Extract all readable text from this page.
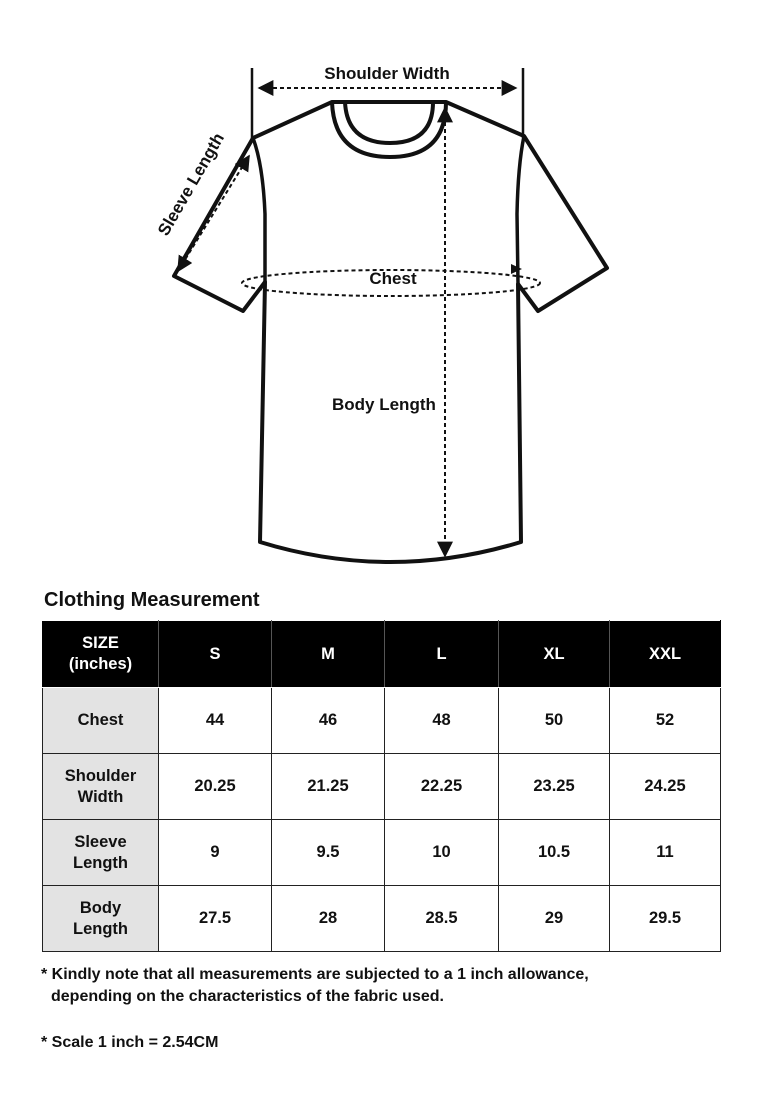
Shoulder Width
Sleeve Length
Chest
Body Length
Clothing Measurement
SIZE
(inches)	S	M	L	XL	XXL

Chest	44	46	48	50	52

Shoulder
Width	20.25	21.25	22.25	23.25	24.25

Sleeve
Length	9	9.5	10	10.5	11

Body
Length	27.5	28	28.5	29	29.5
* Kindly note that all measurements are subjected to a 1 inch allowance,
depending on the characteristics of the fabric used.
* Scale 1 inch = 2.54CM
